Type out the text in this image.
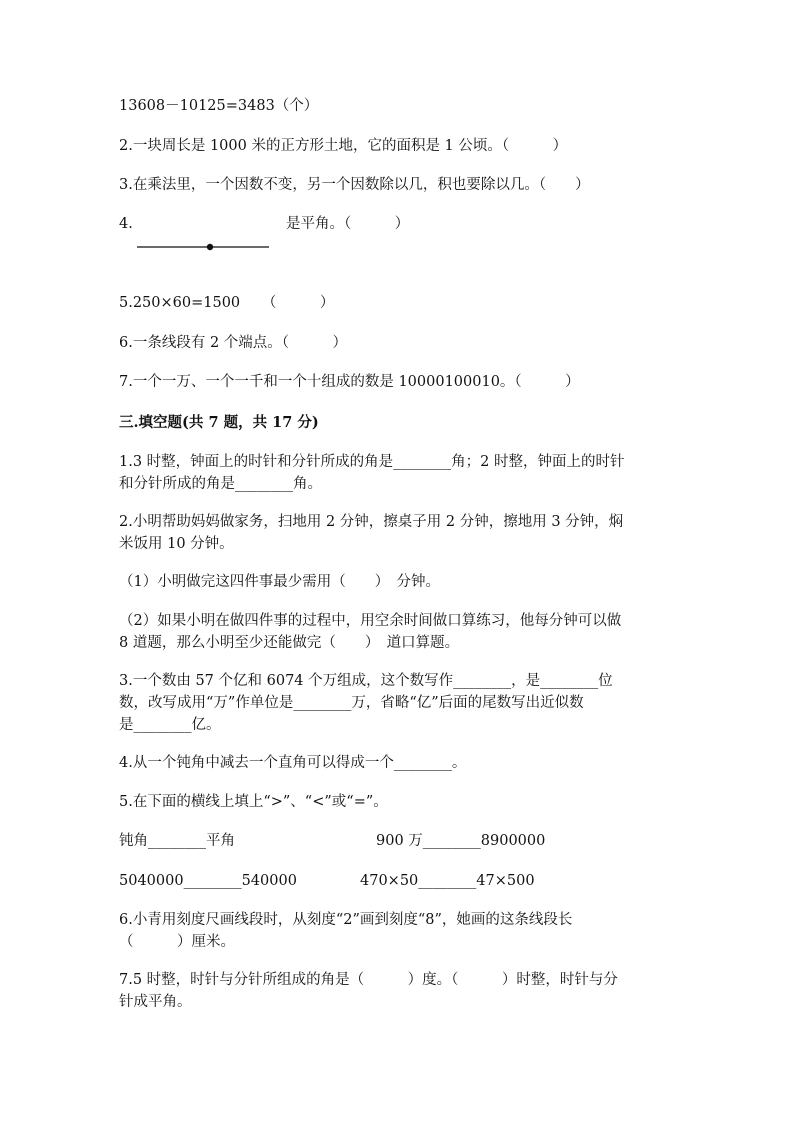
13608－10125=3483（个）
2.一块周长是 1000 米的正方形土地，它的面积是 1 公顷。（　　　）
3.在乘法里，一个因数不变，另一个因数除以几，积也要除以几。（　　）
4.	是平角。（　　　）
5.250×60=1500　　（　　　）
6.一条线段有 2 个端点。（　　　）
7.一个一万、一个一千和一个十组成的数是 10000100010。（　　　）
三.填空题(共 7 题，共 17 分)
1.3 时整，钟面上的时针和分针所成的角是________角；2 时整，钟面上的时针
和分针所成的角是________角。
2.小明帮助妈妈做家务，扫地用 2 分钟，擦桌子用 2 分钟，擦地用 3 分钟，焖
米饭用 10 分钟。
（1）小明做完这四件事最少需用（　　）　分钟。
（2）如果小明在做四件事的过程中，用空余时间做口算练习，他每分钟可以做
8 道题，那么小明至少还能做完（　　）　道口算题。
3.一个数由 57 个亿和 6074 个万组成，这个数写作________，是________位
数，改写成用“万”作单位是________万，省略“亿”后面的尾数写出近似数
是________亿。
4.从一个钝角中减去一个直角可以得成一个________。
5.在下面的横线上填上“>”、“<”或“=”。
钝角________平角	900 万________8900000
5040000________540000	470×50________47×500
6.小青用刻度尺画线段时，从刻度“2”画到刻度“8”，她画的这条线段长
（　　　）厘米。
7.5 时整，时针与分针所组成的角是（　　　）度。（　　　）时整，时针与分
针成平角。
